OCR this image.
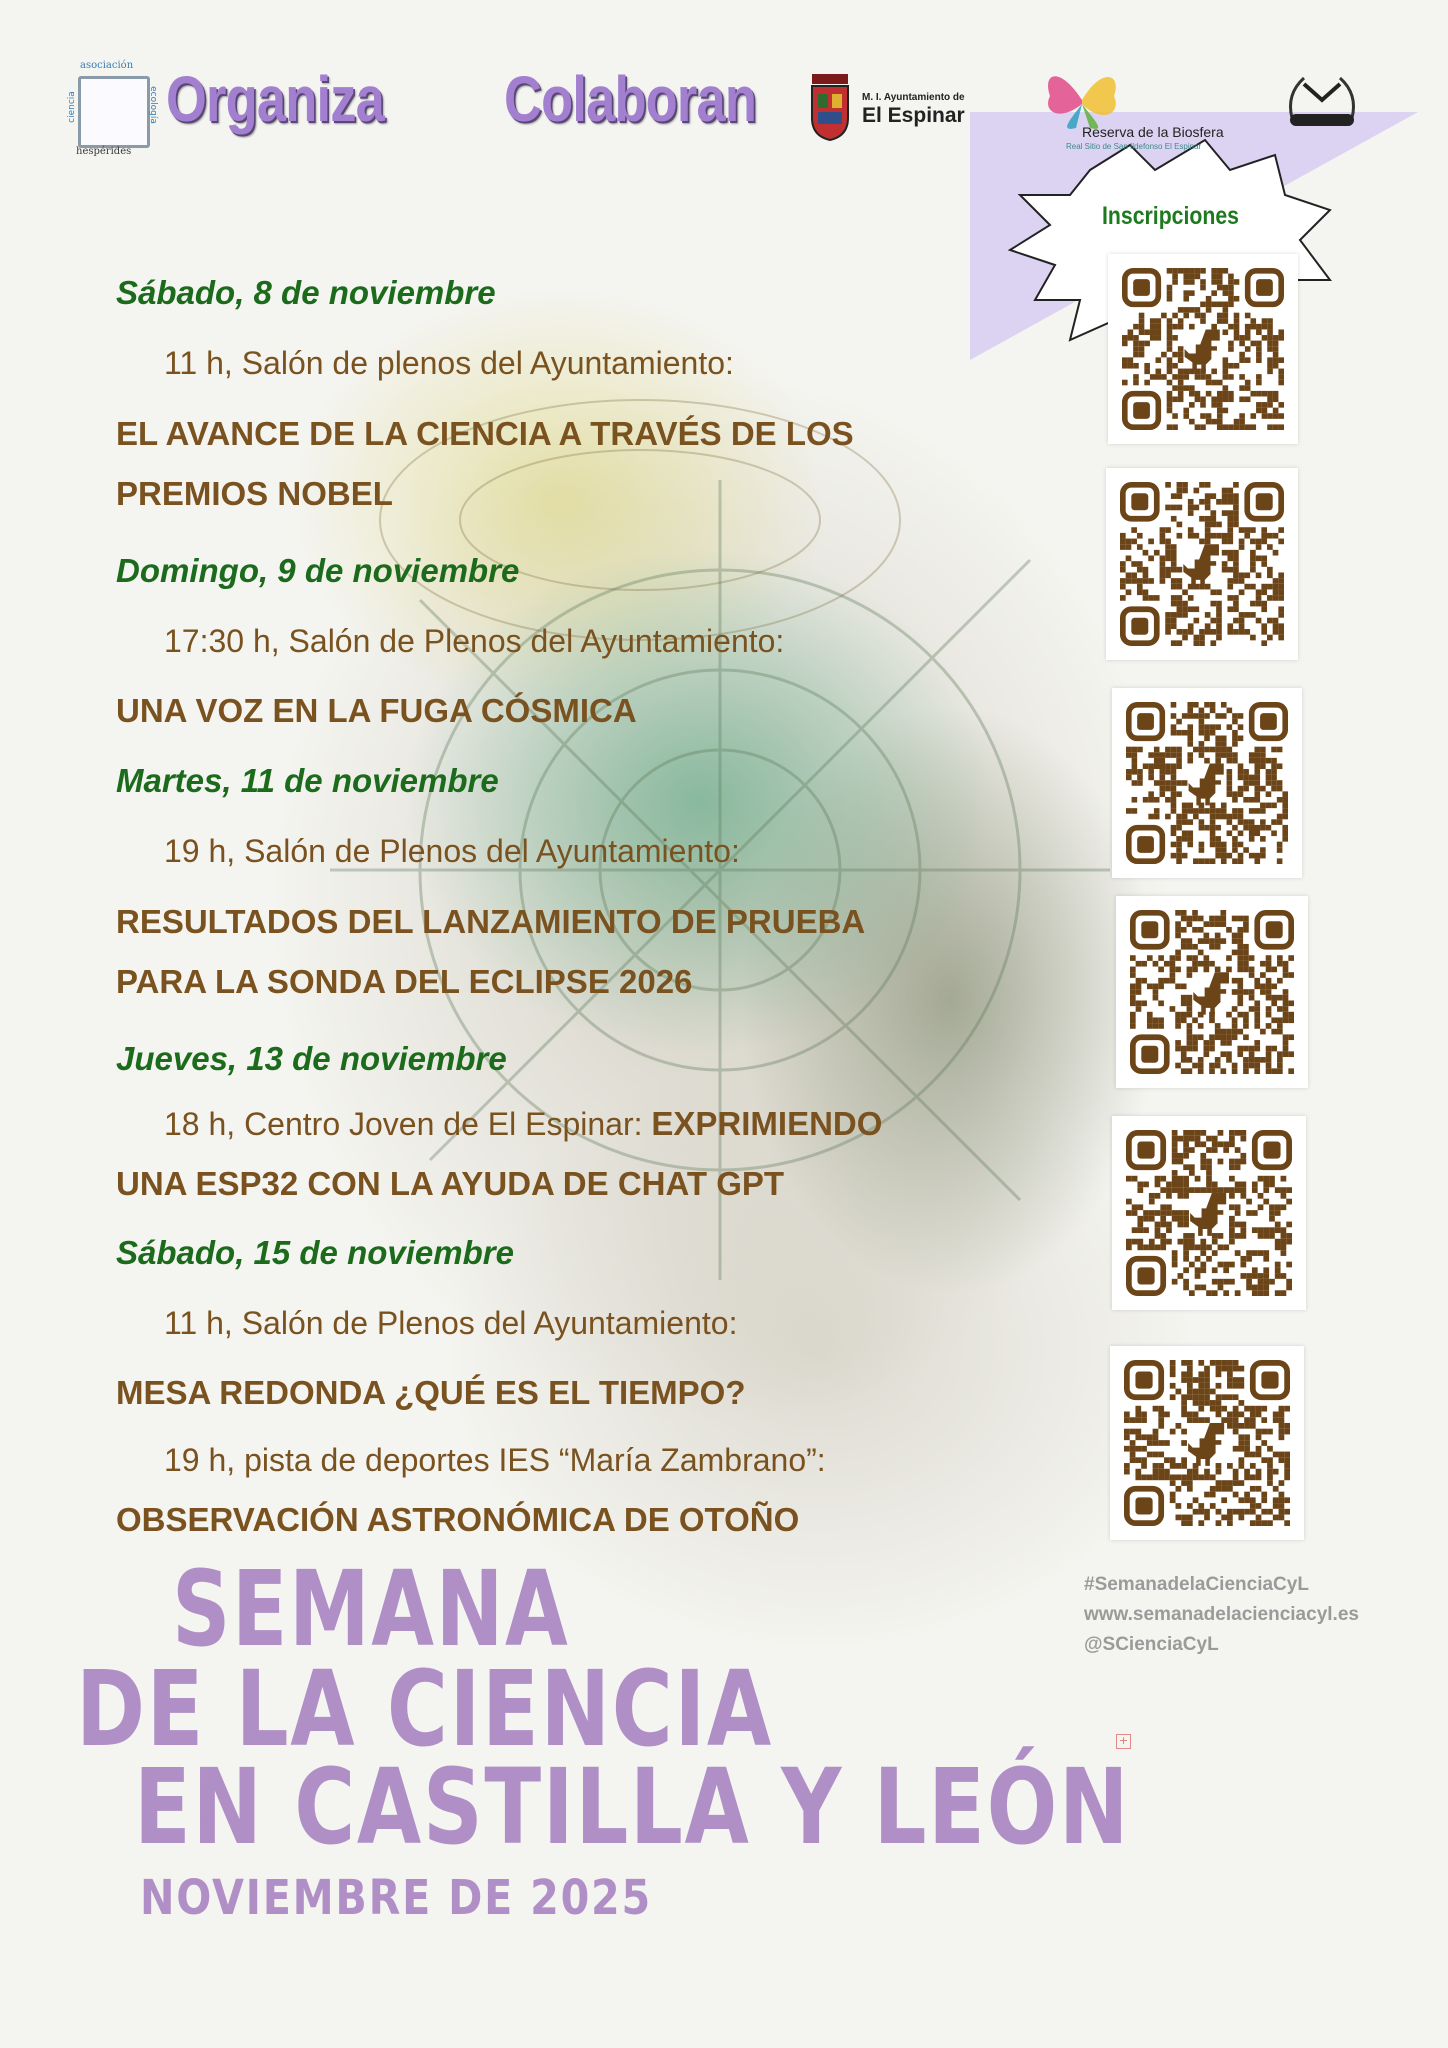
asociación
ciencia	ecología
hespérides
Organiza Colaboran	M. I. Ayuntamiento de
El Espinar
Reserva de la Biosfera
Real Sitio de San Ildefonso El Espinar
Inscripciones
Sábado, 8 de noviembre
11 h, Salón de plenos del Ayuntamiento:
EL AVANCE DE LA CIENCIA A TRAVÉS DE LOS
PREMIOS NOBEL
Domingo, 9 de noviembre
17:30 h, Salón de Plenos del Ayuntamiento:
UNA VOZ EN LA FUGA CÓSMICA
Martes, 11 de noviembre
19 h, Salón de Plenos del Ayuntamiento:
RESULTADOS DEL LANZAMIENTO DE PRUEBA
PARA LA SONDA DEL ECLIPSE 2026
Jueves, 13 de noviembre
18 h, Centro Joven de El Espinar: EXPRIMIENDO
UNA ESP32 CON LA AYUDA DE CHAT GPT
Sábado, 15 de noviembre
11 h, Salón de Plenos del Ayuntamiento:
MESA REDONDA ¿QUÉ ES EL TIEMPO?
19 h, pista de deportes IES “María Zambrano”:
OBSERVACIÓN ASTRONÓMICA DE OTOÑO
SEMANA
DE LA CIENCIA
EN CASTILLA Y LEÓN
NOVIEMBRE DE 2025
+
#SemanadelaCienciaCyL
www.semanadelacienciacyl.es
@SCienciaCyL
